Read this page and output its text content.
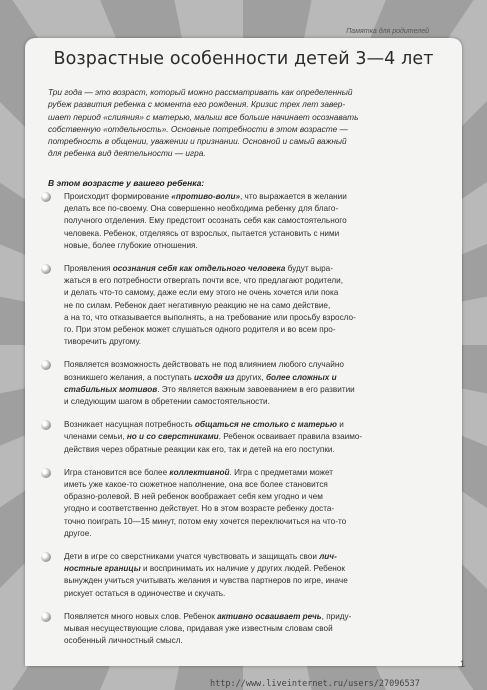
Возрастные особенности детей 3—4 лет

Три года — это возраст, который можно рассматривать как определенный

рубеж развития ребенка с момента его рождения. Кризис трех лет завер-

шает период «слияния» с матерью, малыш все больше начинает осознавать

собственную «отдельность». Основные потребности в этом возрасте —

потребность в общении, уважении и признании. Основной и самый важный

для ребенка вид деятельности — игра.

В этом возрасте у вашего ребенка:

Происходит формирование «противо-воли», что выражается в желании

делать все по-своему. Она совершенно необходима ребенку для благо-

получного отделения. Ему предстоит осознать себя как самостоятельного

человека. Ребенок, отделяясь от взрослых, пытается установить с ними

новые, более глубокие отношения.

Проявления осознания себя как отдельного человека будут выра-

жаться в его потребности отвергать почти все, что предлагают родители,

и делать что-то самому, даже если ему этого не очень хочется или пока

не по силам. Ребенок дает негативную реакцию не на само действие,

а на то, что отказывается выполнять, а на требование или просьбу взросло-

го. При этом ребенок может слушаться одного родителя и во всем про-

тиворечить другому.

Появляется возможность действовать не под влиянием любого случайно

возникшего желания, а поступать исходя из других, более сложных и

стабильных мотивов. Это является важным завоеванием в его развитии

и следующим шагом в обретении самостоятельности.

Возникает насущная потребность общаться не столько с матерью и

членами семьи, но и со сверстниками. Ребенок осваивает правила взаимо-

действия через обратные реакции как его, так и детей на его поступки.

Игра становится все более коллективной. Игра с предметами может

иметь уже какое-то сюжетное наполнение, она все более становится

образно-ролевой. В ней ребенок воображает себя кем угодно и чем

угодно и соответственно действует. Но в этом возрасте ребенку доста-

точно поиграть 10—15 минут, потом ему хочется переключиться на что-то

другое.

Дети в игре со сверстниками учатся чувствовать и защищать свои лич-

ностные границы и воспринимать их наличие у других людей. Ребенок

вынужден учиться учитывать желания и чувства партнеров по игре, иначе

рискует остаться в одиночестве и скучать.

Появляется много новых слов. Ребенок активно осваивает речь, приду-

мывая несуществующие слова, придавая уже известным словам свой

особенный личностный смысл.

Памятка для родителей
http://www.liveinternet.ru/users/27096537
1
